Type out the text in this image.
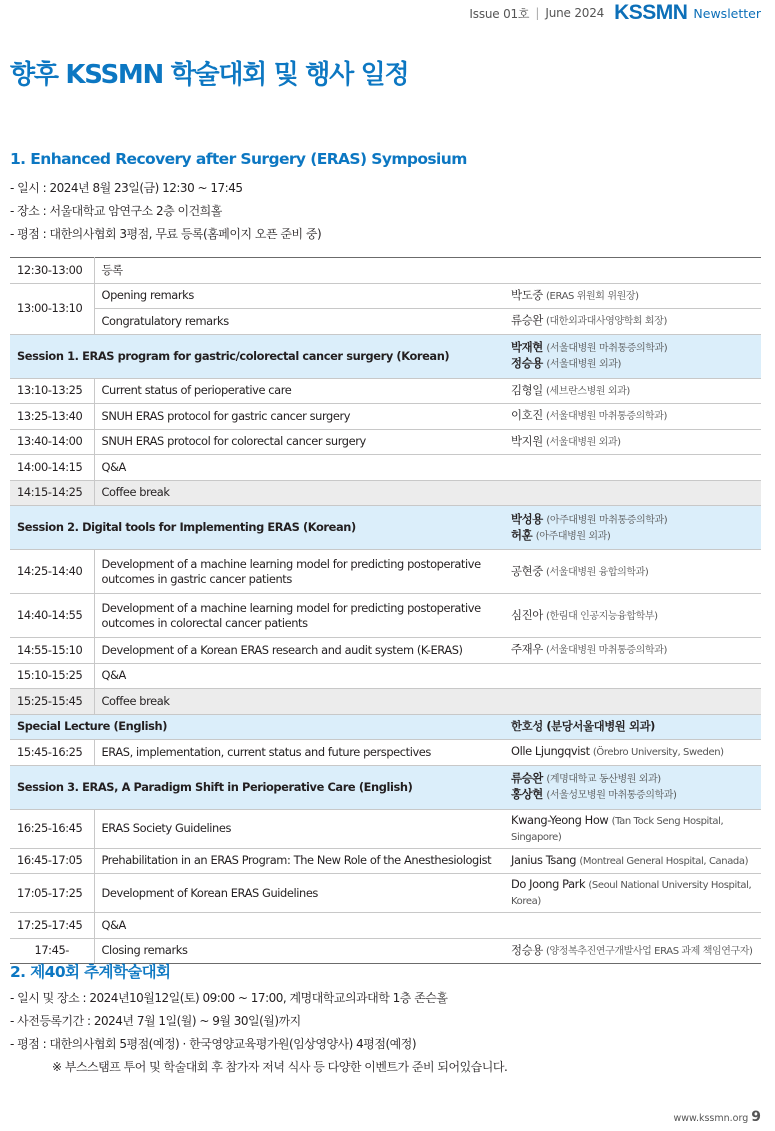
Issue 01호 | June 2024 KSSMN Newsletter
향후 KSSMN 학술대회 및 행사 일정
1. Enhanced Recovery after Surgery (ERAS) Symposium
- 일시 : 2024년 8월 23일(금) 12:30 ~ 17:45
- 장소 : 서울대학교 암연구소 2층 이건희홀
- 평점 : 대한의사협회 3평점, 무료 등록(홈페이지 오픈 준비 중)
12:30-13:00	등록	
13:00-13:10	Opening remarks	박도중 (ERAS 위원회 위원장)
	Congratulatory remarks	류승완 (대한외과대사영양학회 회장)
Session 1. ERAS program for gastric/colorectal cancer surgery (Korean)		박재현 (서울대병원 마취통증의학과)
정승용 (서울대병원 외과)

13:10-13:25	Current status of perioperative care	김형일 (세브란스병원 외과)
13:25-13:40	SNUH ERAS protocol for gastric cancer surgery	이호진 (서울대병원 마취통증의학과)
13:40-14:00	SNUH ERAS protocol for colorectal cancer surgery	박지원 (서울대병원 외과)
14:00-14:15	Q&A	
14:15-14:25	Coffee break	
Session 2. Digital tools for Implementing ERAS (Korean)		박성용 (아주대병원 마취통증의학과)
허훈 (아주대병원 외과)

14:25-14:40	Development of a machine learning model for predicting postoperative outcomes in gastric cancer patients	공현중 (서울대병원 융합의학과)
14:40-14:55	Development of a machine learning model for predicting postoperative outcomes in colorectal cancer patients	심진아 (한림대 인공지능융합학부)
14:55-15:10	Development of a Korean ERAS research and audit system (K-ERAS)	주재우 (서울대병원 마취통증의학과)
15:10-15:25	Q&A	
15:25-15:45	Coffee break	
Special Lecture (English)		한호성 (분당서울대병원 외과)
15:45-16:25	ERAS, implementation, current status and future perspectives	Olle Ljungqvist (Örebro University, Sweden)
Session 3. ERAS, A Paradigm Shift in Perioperative Care (English)		류승완 (계명대학교 동산병원 외과)
홍상현 (서울성모병원 마취통증의학과)

16:25-16:45	ERAS Society Guidelines	Kwang-Yeong How (Tan Tock Seng Hospital, Singapore)
16:45-17:05	Prehabilitation in an ERAS Program: The New Role of the Anesthesiologist	Janius Tsang (Montreal General Hospital, Canada)
17:05-17:25	Development of Korean ERAS Guidelines	Do Joong Park (Seoul National University Hospital, Korea)
17:25-17:45	Q&A	
17:45-	Closing remarks	정승용 (양정복추진연구개발사업 ERAS 과제 책임연구자)
2. 제40회 추계학술대회
- 일시 및 장소 : 2024년10월12일(토) 09:00 ~ 17:00, 계명대학교의과대학 1층 존슨홀
- 사전등록기간 : 2024년 7월 1일(월) ~ 9월 30일(월)까지
- 평점 : 대한의사협회 5평점(예정) · 한국영양교육평가원(임상영양사) 4평점(예정)
※ 부스스탬프 투어 및 학술대회 후 참가자 저녁 식사 등 다양한 이벤트가 준비 되어있습니다.
www.kssmn.org 9
